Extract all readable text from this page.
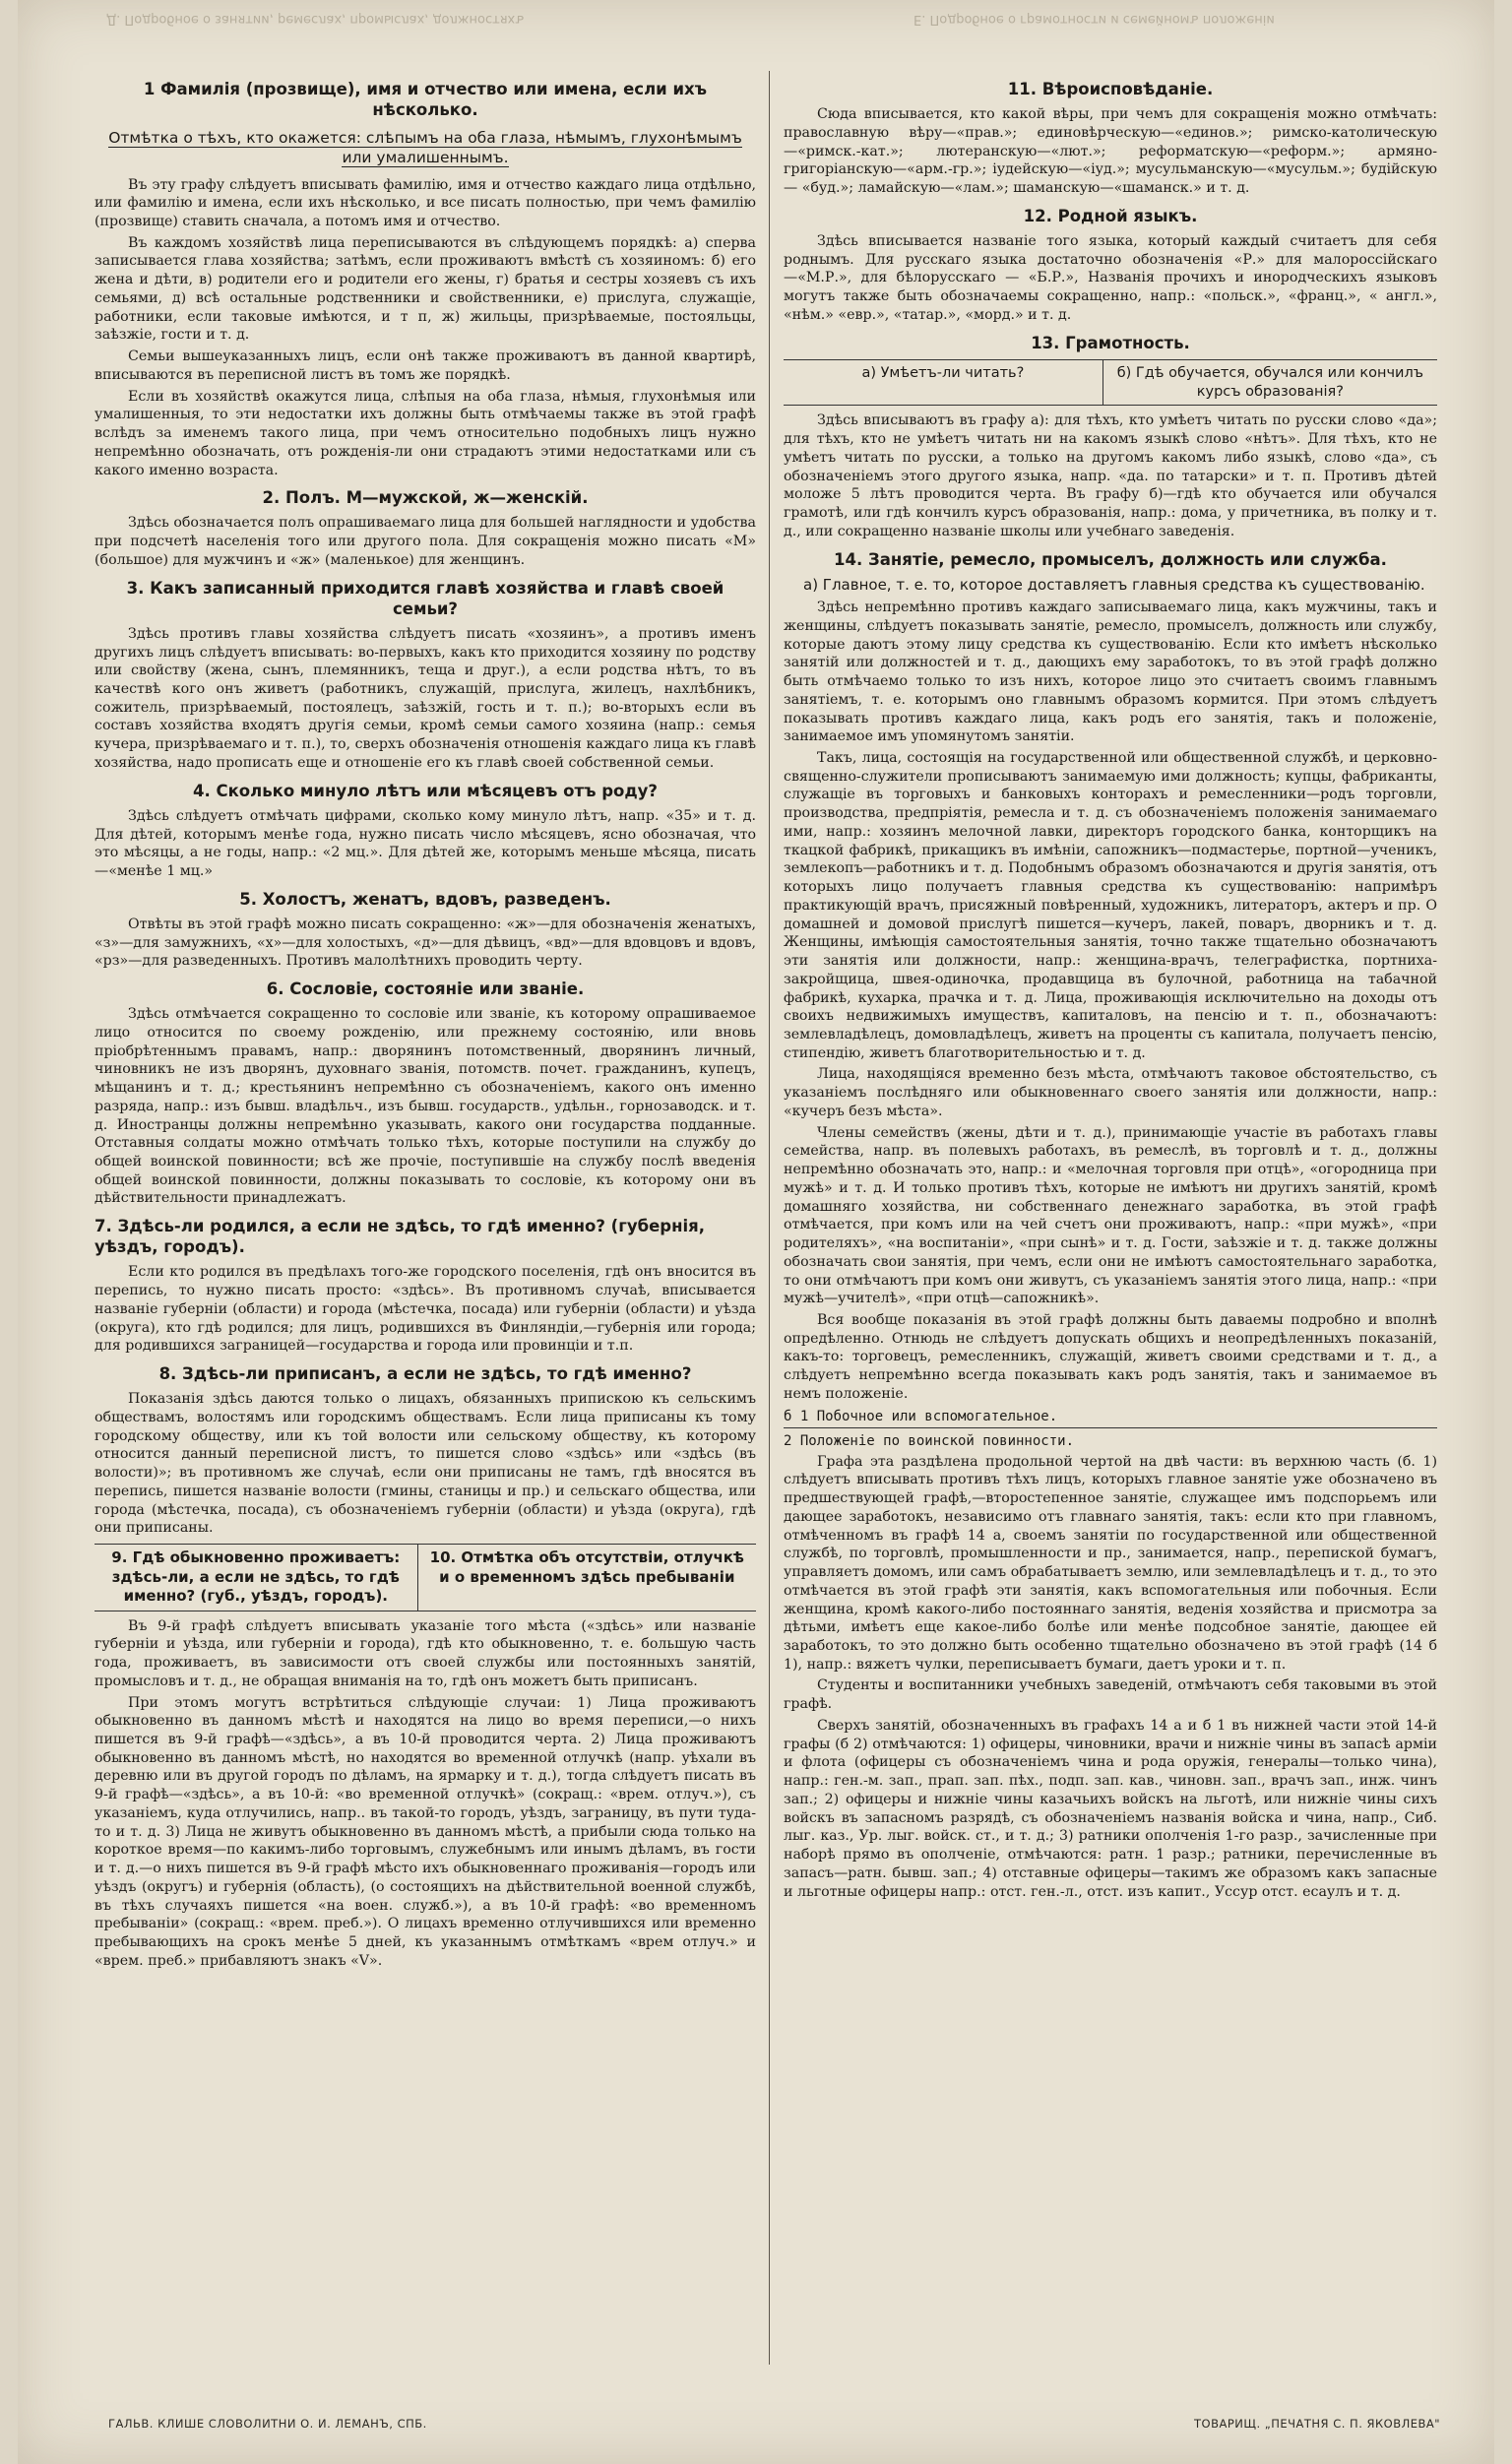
Д. Подробное о занятии, ремеслах, промыслах, должностяхъ	Е. Подробное о грамотности и семейномъ положеніи
1 Фамилія (прозвище), имя и отчество или имена, если ихъ нѣсколько.
Отмѣтка о тѣхъ, кто окажется: слѣпымъ на оба глаза, нѣмымъ, глухонѣмымъ или умалишеннымъ.

Въ эту графу слѣдуетъ вписывать фамилію, имя и отчество каждаго лица отдѣльно, или фамилію и имена, если ихъ нѣсколько, и все писать полностью, при чемъ фамилію (прозвище) ставить сначала, а потомъ имя и отчество.

Въ каждомъ хозяйствѣ лица переписываются въ слѣдующемъ порядкѣ: а) сперва записывается глава хозяйства; затѣмъ, если проживаютъ вмѣстѣ съ хозяиномъ: б) его жена и дѣти, в) родители его и родители его жены, г) братья и сестры хозяевъ съ ихъ семьями, д) всѣ остальные родственники и свойственники, е) прислуга, служащіе, работники, если таковые имѣются, и т п, ж) жильцы, призрѣваемые, постояльцы, заѣзжіе, гости и т. д.

Семьи вышеуказанныхъ лицъ, если онѣ также проживаютъ въ данной квартирѣ, вписываются въ переписной листъ въ томъ же порядкѣ.

Если въ хозяйствѣ окажутся лица, слѣпыя на оба глаза, нѣмыя, глухонѣмыя или умалишенныя, то эти недостатки ихъ должны быть отмѣчаемы также въ этой графѣ вслѣдъ за именемъ такого лица, при чемъ относительно подобныхъ лицъ нужно непремѣнно обозначать, отъ рожденія-ли они страдаютъ этими недостатками или съ какого именно возраста.

2. Полъ. М—мужской, ж—женскій.

Здѣсь обозначается полъ опрашиваемаго лица для большей наглядности и удобства при подсчетѣ населенія того или другого пола. Для сокращенія можно писать «М» (большое) для мужчинъ и «ж» (маленькое) для женщинъ.

3. Какъ записанный приходится главѣ хозяйства и главѣ своей семьи?

Здѣсь противъ главы хозяйства слѣдуетъ писать «хозяинъ», а противъ именъ другихъ лицъ слѣдуетъ вписывать: во-первыхъ, какъ кто приходится хозяину по родству или свойству (жена, сынъ, племянникъ, теща и друг.), а если родства нѣтъ, то въ качествѣ кого онъ живетъ (работникъ, служащій, прислуга, жилецъ, нахлѣбникъ, сожитель, призрѣваемый, постоялецъ, заѣзжій, гость и т. п.); во-вторыхъ если въ составъ хозяйства входятъ другія семьи, кромѣ семьи самого хозяина (напр.: семья кучера, призрѣваемаго и т. п.), то, сверхъ обозначенія отношенія каждаго лица къ главѣ хозяйства, надо прописать еще и отношеніе его къ главѣ своей собственной семьи.

4. Сколько минуло лѣтъ или мѣсяцевъ отъ роду?

Здѣсь слѣдуетъ отмѣчать цифрами, сколько кому минуло лѣтъ, напр. «35» и т. д. Для дѣтей, которымъ менѣе года, нужно писать число мѣсяцевъ, ясно обозначая, что это мѣсяцы, а не годы, напр.: «2 мц.». Для дѣтей же, которымъ меньше мѣсяца, писать—«менѣе 1 мц.»

5. Холостъ, женатъ, вдовъ, разведенъ.

Отвѣты въ этой графѣ можно писать сокращенно: «ж»—для обозначенія женатыхъ, «з»—для замужнихъ, «х»—для холостыхъ, «д»—для дѣвицъ, «вд»—для вдовцовъ и вдовъ, «рз»—для разведенныхъ. Противъ малолѣтнихъ проводить черту.

6. Сословіе, состояніе или званіе.

Здѣсь отмѣчается сокращенно то сословіе или званіе, къ которому опрашиваемое лицо относится по своему рожденію, или прежнему состоянію, или вновь пріобрѣтеннымъ правамъ, напр.: дворянинъ потомственный, дворянинъ личный, чиновникъ не изъ дворянъ, духовнаго званія, потомств. почет. гражданинъ, купецъ, мѣщанинъ и т. д.; крестьянинъ непремѣнно съ обозначеніемъ, какого онъ именно разряда, напр.: изъ бывш. владѣльч., изъ бывш. государств., удѣльн., горнозаводск. и т. д. Иностранцы должны непремѣнно указывать, какого они государства подданные. Отставныя солдаты можно отмѣчать только тѣхъ, которые поступили на службу до общей воинской повинности; всѣ же прочіе, поступившіе на службу послѣ введенія общей воинской повинности, должны показывать то сословіе, къ которому они въ дѣйствительности принадлежатъ.

7. Здѣсь-ли родился, а если не здѣсь, то гдѣ именно? (губернія, уѣздъ, городъ).

Если кто родился въ предѣлахъ того-же городского поселенія, гдѣ онъ вносится въ перепись, то нужно писать просто: «здѣсь». Въ противномъ случаѣ, вписывается названіе губерніи (области) и города (мѣстечка, посада) или губерніи (области) и уѣзда (округа), кто гдѣ родился; для лицъ, родившихся въ Финляндіи,—губернія или города; для родившихся заграницей—государства и города или провинціи и т.п.

8. Здѣсь-ли приписанъ, а если не здѣсь, то гдѣ именно?

Показанія здѣсь даются только о лицахъ, обязанныхъ припискою къ сельскимъ обществамъ, волостямъ или городскимъ обществамъ. Если лица приписаны къ тому городскому обществу, или къ той волости или сельскому обществу, къ которому относится данный переписной листъ, то пишется слово «здѣсь» или «здѣсь (въ волости)»; въ противномъ же случаѣ, если они приписаны не тамъ, гдѣ вносятся въ перепись, пишется названіе волости (гмины, станицы и пр.) и сельскаго общества, или города (мѣстечка, посада), съ обозначеніемъ губерніи (области) и уѣзда (округа), гдѣ они приписаны.

9. Гдѣ обыкновенно проживаетъ: здѣсь-ли, а если не здѣсь, то гдѣ именно? (губ., уѣздъ, городъ).
10. Отмѣтка объ отсутствіи, отлучкѣ и о временномъ здѣсь пребываніи

Въ 9-й графѣ слѣдуетъ вписывать указаніе того мѣста («здѣсь» или названіе губерніи и уѣзда, или губерніи и города), гдѣ кто обыкновенно, т. е. большую часть года, проживаетъ, въ зависимости отъ своей службы или постоянныхъ занятій, промысловъ и т. д., не обращая вниманія на то, гдѣ онъ можетъ быть приписанъ.

При этомъ могутъ встрѣтиться слѣдующіе случаи: 1) Лица проживаютъ обыкновенно въ данномъ мѣстѣ и находятся на лицо во время переписи,—о нихъ пишется въ 9-й графѣ—«здѣсь», а въ 10-й проводится черта. 2) Лица проживаютъ обыкновенно въ данномъ мѣстѣ, но находятся во временной отлучкѣ (напр. уѣхали въ деревню или въ другой городъ по дѣламъ, на ярмарку и т. д.), тогда слѣдуетъ писать въ 9-й графѣ—«здѣсь», а въ 10-й: «во временной отлучкѣ» (сокращ.: «врем. отлуч.»), съ указаніемъ, куда отлучились, напр.. въ такой-то городъ, уѣздъ, заграницу, въ пути туда-то и т. д. 3) Лица не живутъ обыкновенно въ данномъ мѣстѣ, а прибыли сюда только на короткое время—по какимъ-либо торговымъ, служебнымъ или инымъ дѣламъ, въ гости и т. д.—о нихъ пишется въ 9-й графѣ мѣсто ихъ обыкновеннаго проживанія—городъ или уѣздъ (округъ) и губернія (область), (о состоящихъ на дѣйствительной военной службѣ, въ тѣхъ случаяхъ пишется «на воен. служб.»), а въ 10-й графѣ: «во временномъ пребываніи» (сокращ.: «врем. преб.»). О лицахъ временно отлучившихся или временно пребывающихъ на срокъ менѣе 5 дней, къ указаннымъ отмѣткамъ «врем отлуч.» и «врем. преб.» прибавляютъ знакъ «V».

11. Вѣроисповѣданіе.

Сюда вписывается, кто какой вѣры, при чемъ для сокращенія можно отмѣчать: православную вѣру—«прав.»; единовѣрческую—«единов.»; римско-католическую—«римск.-кат.»; лютеранскую—«лют.»; реформатскую—«реформ.»; армяно-григоріанскую—«арм.-гр.»; іудейскую—«іуд.»; мусульманскую—«мусульм.»; будійскую — «буд.»; ламайскую—«лам.»; шаманскую—«шаманск.» и т. д.

12. Родной языкъ.

Здѣсь вписывается названіе того языка, который каждый считаетъ для себя роднымъ. Для русскаго языка достаточно обозначенія «Р.» для малороссійскаго—«М.Р.», для бѣлорусскаго — «Б.Р.», Названія прочихъ и инородческихъ языковъ могутъ также быть обозначаемы сокращенно, напр.: «польск.», «франц.», « англ.», «нѣм.» «евр.», «татар.», «морд.» и т. д.

13. Грамотность.
а) Умѣетъ-ли читать?	б) Гдѣ обучается, обучался или кончилъ курсъ образованія?

Здѣсь вписываютъ въ графу а): для тѣхъ, кто умѣетъ читать по русски слово «да»; для тѣхъ, кто не умѣетъ читать ни на какомъ языкѣ слово «нѣтъ». Для тѣхъ, кто не умѣетъ читать по русски, а только на другомъ какомъ либо языкѣ, слово «да», съ обозначеніемъ этого другого языка, напр. «да. по татарски» и т. п. Противъ дѣтей моложе 5 лѣтъ проводится черта. Въ графу б)—гдѣ кто обучается или обучался грамотѣ, или гдѣ кончилъ курсъ образованія, напр.: дома, у причетника, въ полку и т. д., или сокращенно названіе школы или учебнаго заведенія.

14. Занятіе, ремесло, промыселъ, должность или служба.
а) Главное, т. е. то, которое доставляетъ главныя средства къ существованію.

Здѣсь непремѣнно противъ каждаго записываемаго лица, какъ мужчины, такъ и женщины, слѣдуетъ показывать занятіе, ремесло, промыселъ, должность или службу, которые даютъ этому лицу средства къ существованію. Если кто имѣетъ нѣсколько занятій или должностей и т. д., дающихъ ему заработокъ, то въ этой графѣ должно быть отмѣчаемо только то изъ нихъ, которое лицо это считаетъ своимъ главнымъ занятіемъ, т. е. которымъ оно главнымъ образомъ кормится. При этомъ слѣдуетъ показывать противъ каждаго лица, какъ родъ его занятія, такъ и положеніе, занимаемое имъ упомянутомъ занятіи.

Такъ, лица, состоящія на государственной или общественной службѣ, и церковно-священно-служители прописываютъ занимаемую ими должность; купцы, фабриканты, служащіе въ торговыхъ и банковыхъ конторахъ и ремесленники—родъ торговли, производства, предпріятія, ремесла и т. д. съ обозначеніемъ положенія занимаемаго ими, напр.: хозяинъ мелочной лавки, директоръ городского банка, конторщикъ на ткацкой фабрикѣ, прикащикъ въ имѣніи, сапожникъ—подмастерье, портной—ученикъ, землекопъ—работникъ и т. д. Подобнымъ образомъ обозначаются и другія занятія, отъ которыхъ лицо получаетъ главныя средства къ существованію: напримѣръ практикующій врачъ, присяжный повѣренный, художникъ, литераторъ, актеръ и пр. О домашней и домовой прислугѣ пишется—кучеръ, лакей, поваръ, дворникъ и т. д. Женщины, имѣющія самостоятельныя занятія, точно также тщательно обозначаютъ эти занятія или должности, напр.: женщина-врачъ, телеграфистка, портниха-закройщица, швея-одиночка, продавщица въ булочной, работница на табачной фабрикѣ, кухарка, прачка и т. д. Лица, проживающія исключительно на доходы отъ своихъ недвижимыхъ имуществъ, капиталовъ, на пенсію и т. п., обозначаютъ: землевладѣлецъ, домовладѣлецъ, живетъ на проценты съ капитала, получаетъ пенсію, стипендію, живетъ благотворительностью и т. д.

Лица, находящіяся временно безъ мѣста, отмѣчаютъ таковое обстоятельство, съ указаніемъ послѣдняго или обыкновеннаго своего занятія или должности, напр.: «кучеръ безъ мѣста».

Члены семействъ (жены, дѣти и т. д.), принимающіе участіе въ работахъ главы семейства, напр. въ полевыхъ работахъ, въ ремеслѣ, въ торговлѣ и т. д., должны непремѣнно обозначать это, напр.: и «мелочная торговля при отцѣ», «огородница при мужѣ» и т. д. И только противъ тѣхъ, которые не имѣютъ ни другихъ занятій, кромѣ домашняго хозяйства, ни собственнаго денежнаго заработка, въ этой графѣ отмѣчается, при комъ или на чей счетъ они проживаютъ, напр.: «при мужѣ», «при родителяхъ», «на воспитаніи», «при сынѣ» и т. д. Гости, заѣзжіе и т. д. также должны обозначать свои занятія, при чемъ, если они не имѣютъ самостоятельнаго заработка, то они отмѣчаютъ при комъ они живутъ, съ указаніемъ занятія этого лица, напр.: «при мужѣ—учителѣ», «при отцѣ—сапожникѣ».

Вся вообще показанія въ этой графѣ должны быть даваемы подробно и вполнѣ опредѣленно. Отнюдь не слѣдуетъ допускать общихъ и неопредѣленныхъ показаній, какъ-то: торговецъ, ремесленникъ, служащій, живетъ своими средствами и т. д., а слѣдуетъ непремѣнно всегда показывать какъ родъ занятія, такъ и занимаемое въ немъ положеніе.

б 1 Побочное или вспомогательное.
2 Положеніе по воинской повинности.

Графа эта раздѣлена продольной чертой на двѣ части: въ верхнюю часть (б. 1) слѣдуетъ вписывать противъ тѣхъ лицъ, которыхъ главное занятіе уже обозначено въ предшествующей графѣ,—второстепенное занятіе, служащее имъ подспорьемъ или дающее заработокъ, независимо отъ главнаго занятія, такъ: если кто при главномъ, отмѣченномъ въ графѣ 14 а, своемъ занятіи по государственной или общественной службѣ, по торговлѣ, промышленности и пр., занимается, напр., перепиской бумагъ, управляетъ домомъ, или самъ обрабатываетъ землю, или землевладѣлецъ и т. д., то это отмѣчается въ этой графѣ эти занятія, какъ вспомогательныя или побочныя. Если женщина, кромѣ какого-либо постояннаго занятія, веденія хозяйства и присмотра за дѣтьми, имѣетъ еще какое-либо болѣе или менѣе подсобное занятіе, дающее ей заработокъ, то это должно быть особенно тщательно обозначено въ этой графѣ (14 б 1), напр.: вяжетъ чулки, переписываетъ бумаги, даетъ уроки и т. п.

Студенты и воспитанники учебныхъ заведеній, отмѣчаютъ себя таковыми въ этой графѣ.

Сверхъ занятій, обозначенныхъ въ графахъ 14 а и б 1 въ нижней части этой 14-й графы (б 2) отмѣчаются: 1) офицеры, чиновники, врачи и нижніе чины въ запасѣ арміи и флота (офицеры съ обозначеніемъ чина и рода оружія, генералы—только чина), напр.: ген.-м. зап., прап. зап. пѣх., подп. зап. кав., чиновн. зап., врачъ зап., инж. чинъ зап.; 2) офицеры и нижніе чины казачьихъ войскъ на льготѣ, или нижніе чины сихъ войскъ въ запасномъ разрядѣ, съ обозначеніемъ названія войска и чина, напр., Сиб. лыг. каз., Ур. лыг. войск. ст., и т. д.; 3) ратники ополченія 1-го разр., зачисленные при наборѣ прямо въ ополченіе, отмѣчаются: ратн. 1 разр.; ратники, перечисленные въ запасъ—ратн. бывш. зап.; 4) отставные офицеры—такимъ же образомъ какъ запасные и льготные офицеры напр.: отст. ген.-л., отст. изъ капит., Уссур отст. есаулъ и т. д.

ГАЛЬВ. КЛИШЕ СЛОВОЛИТНИ О. И. ЛЕМАНЪ, СПБ.	ТОВАРИЩ. „ПЕЧАТНЯ С. П. ЯКОВЛЕВА"
